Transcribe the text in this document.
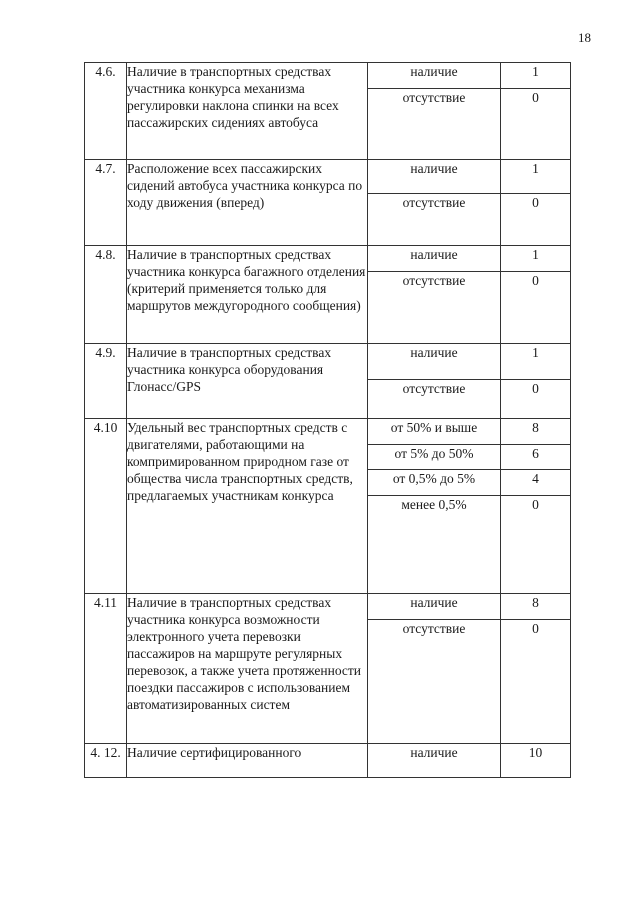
18
4.6.	Наличие в транспортных средствах участника конкурса механизма регулировки наклона спинки на всех пассажирских сидениях автобуса	наличие	1
		отсутствие	0
4.7.	Расположение всех пассажирских сидений автобуса участника конкурса по ходу движения (вперед)	наличие	1
		отсутствие	0
4.8.	Наличие в транспортных средствах участника конкурса багажного отделения (критерий применяется только для маршрутов междугородного сообщения)	наличие	1
		отсутствие	0
4.9.	Наличие в транспортных средствах участника конкурса оборудования Глонасс/GPS	наличие	1
		отсутствие	0
4.10	Удельный вес транспортных средств с двигателями, работающими на компримированном природном газе от общества числа транспортных средств, предлагаемых участникам конкурса	от 50% и выше	8
		от 5% до 50%	6
		от 0,5% до 5%	4
		менее 0,5%	0
4.11	Наличие в транспортных средствах участника конкурса возможности электронного учета перевозки пассажиров на маршруте регулярных перевозок, а также учета протяженности поездки пассажиров с использованием автоматизированных систем	наличие	8
		отсутствие	0
4. 12.	Наличие сертифицированного	наличие	10
